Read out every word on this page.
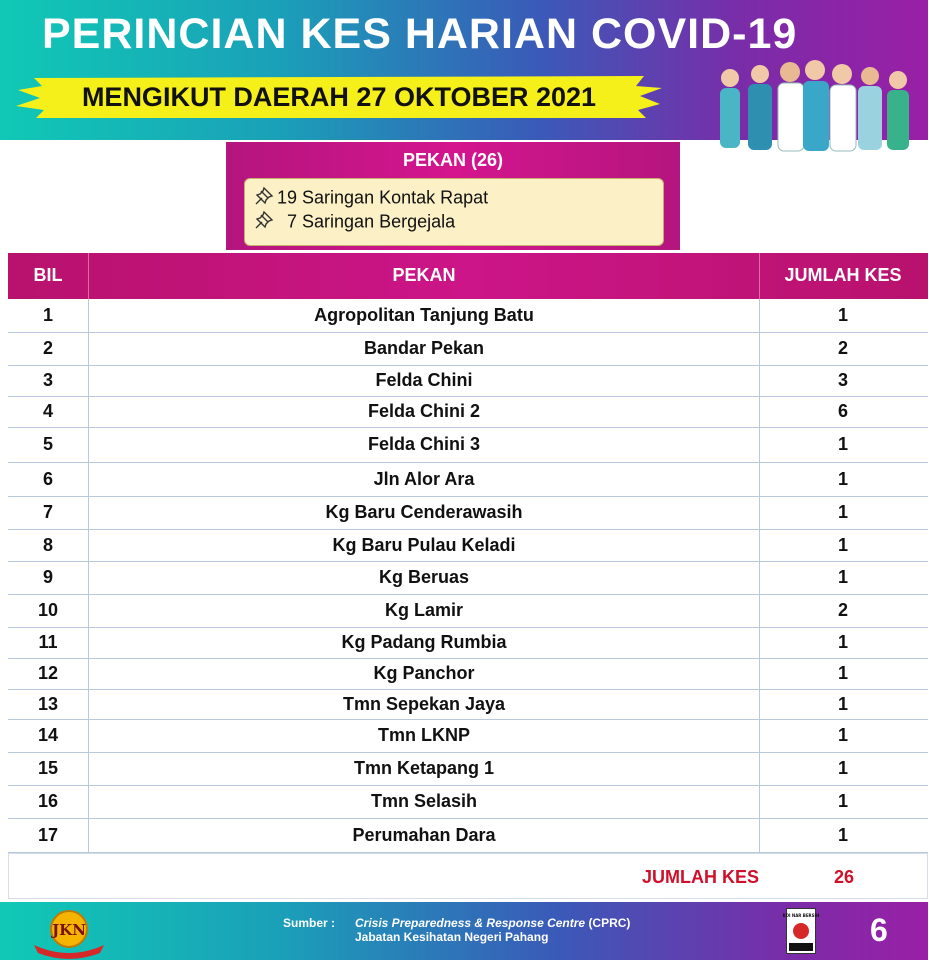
PERINCIAN KES HARIAN COVID-19
MENGIKUT DAERAH 27 OKTOBER 2021
PEKAN (26)
19 Saringan Kontak Rapat
7 Saringan Bergejala
BIL	PEKAN	JUMLAH KES
1	Agropolitan Tanjung Batu	1
2	Bandar Pekan	2
3	Felda Chini	3
4	Felda Chini 2	6
5	Felda Chini 3	1
6	Jln Alor Ara	1
7	Kg Baru Cenderawasih	1
8	Kg Baru Pulau Keladi	1
9	Kg Beruas	1
10	Kg Lamir	2
11	Kg Padang Rumbia	1
12	Kg Panchor	1
13	Tmn Sepekan Jaya	1
14	Tmn LKNP	1
15	Tmn Ketapang 1	1
16	Tmn Selasih	1
17	Perumahan Dara	1
JUMLAH KES	26
JKN	Sumber : Crisis Preparedness & Response Centre (CPRC)
Jabatan Kesihatan Negeri Pahang
KOI NAR BERSIH 6
